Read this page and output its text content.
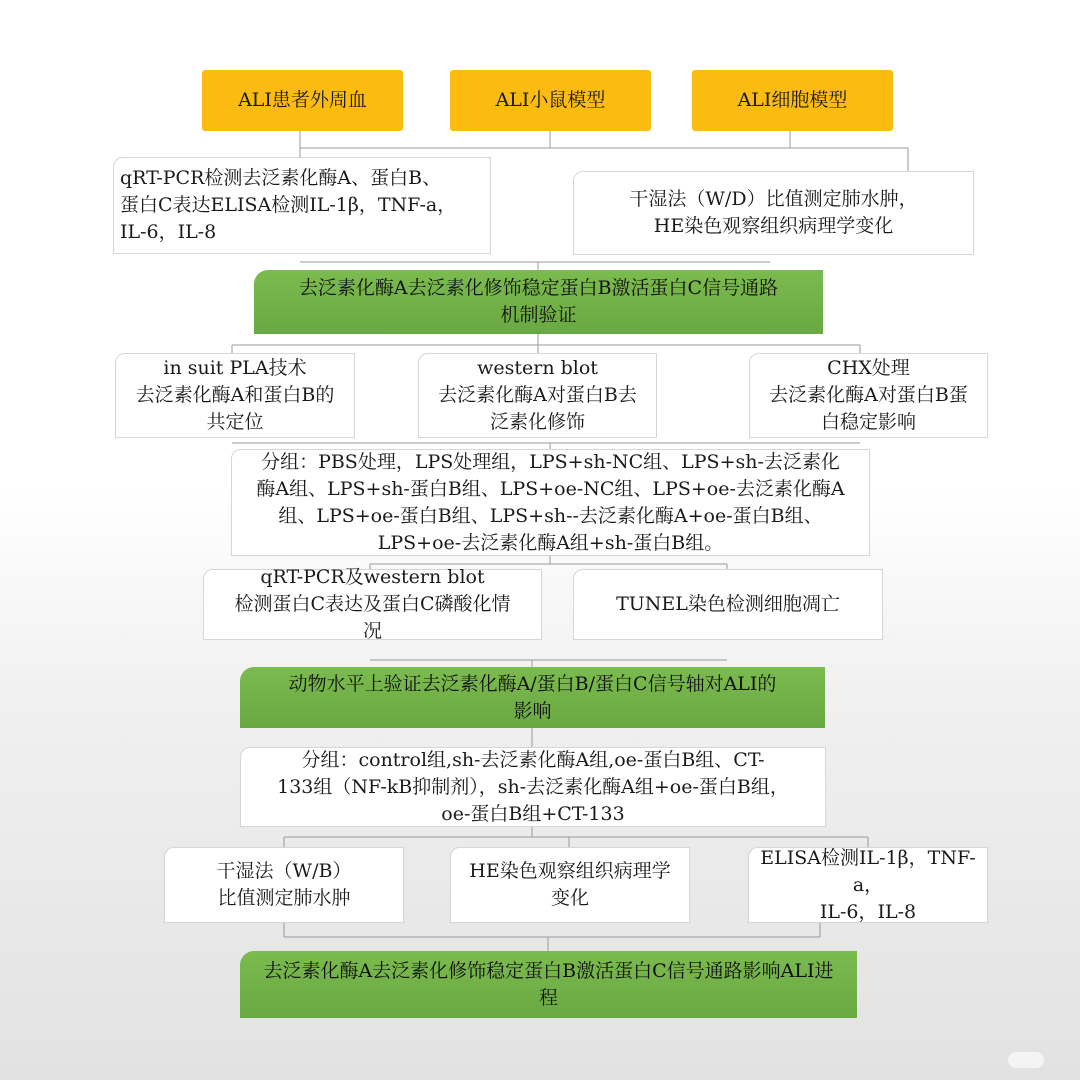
ALI患者外周血	ALI小鼠模型	ALI细胞模型
qRT-PCR检测去泛素化酶A、蛋白B、
蛋白C表达ELISA检测IL-1β，TNF-a，
IL-6，IL-8
干湿法（W/D）比值测定肺水肿，
HE染色观察组织病理学变化
去泛素化酶A去泛素化修饰稳定蛋白B激活蛋白C信号通路
机制验证
in suit PLA技术
去泛素化酶A和蛋白B的
共定位
western blot
去泛素化酶A对蛋白B去
泛素化修饰
CHX处理
去泛素化酶A对蛋白B蛋
白稳定影响
分组：PBS处理，LPS处理组，LPS+sh-NC组、LPS+sh-去泛素化
酶A组、LPS+sh-蛋白B组、LPS+oe-NC组、LPS+oe-去泛素化酶A
组、LPS+oe-蛋白B组、LPS+sh--去泛素化酶A+oe-蛋白B组、
LPS+oe-去泛素化酶A组+sh-蛋白B组。
qRT-PCR及western blot
检测蛋白C表达及蛋白C磷酸化情
况
TUNEL染色检测细胞凋亡
动物水平上验证去泛素化酶A/蛋白B/蛋白C信号轴对ALI的
影响
分组：control组,sh-去泛素化酶A组,oe-蛋白B组、CT-
133组（NF-kB抑制剂），sh-去泛素化酶A组+oe-蛋白B组，
oe-蛋白B组+CT-133
干湿法（W/B）
比值测定肺水肿
HE染色观察组织病理学
变化
ELISA检测IL-1β，TNF-a，
IL-6，IL-8
去泛素化酶A去泛素化修饰稳定蛋白B激活蛋白C信号通路影响ALI进
程
